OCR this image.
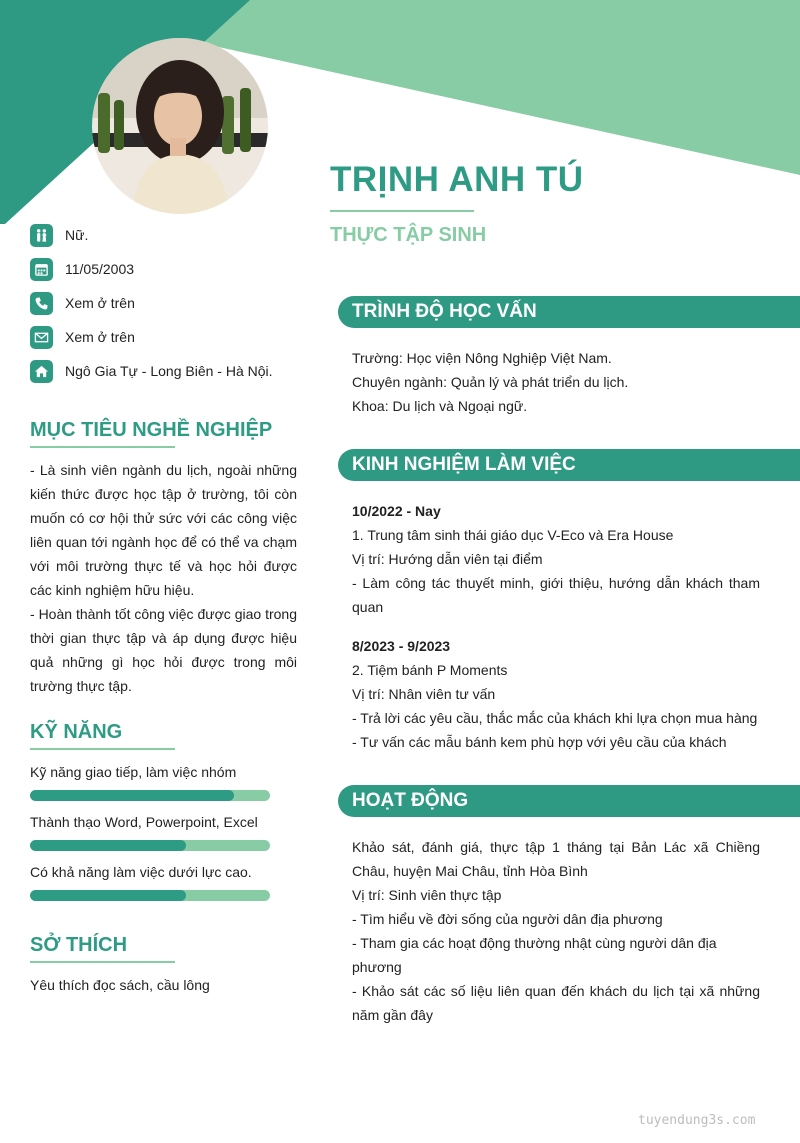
TRỊNH ANH TÚ
THỰC TẬP SINH
Nữ.
11/05/2003
Xem ở trên
Xem ở trên
Ngô Gia Tự - Long Biên - Hà Nội.
MỤC TIÊU NGHỀ NGHIỆP

- Là sinh viên ngành du lịch, ngoài những kiến thức được học tập ở trường, tôi còn muốn có cơ hội thử sức với các công việc liên quan tới ngành học để có thể va chạm với môi trường thực tế và học hỏi được các kinh nghiệm hữu hiệu.

- Hoàn thành tốt công việc được giao trong thời gian thực tập và áp dụng được hiệu quả những gì học hỏi được trong môi trường thực tập.

KỸ NĂNG
Kỹ năng giao tiếp, làm việc nhóm
Thành thạo Word, Powerpoint, Excel
Có khả năng làm việc dưới lực cao.
SỞ THÍCH
Yêu thích đọc sách, cầu lông
TRÌNH ĐỘ HỌC VẤN

Trường: Học viện Nông Nghiệp Việt Nam.

Chuyên ngành: Quản lý và phát triển du lịch.

Khoa: Du lịch và Ngoại ngữ.

KINH NGHIỆM LÀM VIỆC

10/2022 - Nay

1. Trung tâm sinh thái giáo dục V-Eco và Era House

Vị trí: Hướng dẫn viên tại điểm

- Làm công tác thuyết minh, giới thiệu, hướng dẫn khách tham quan

8/2023 - 9/2023

2. Tiệm bánh P Moments

Vị trí: Nhân viên tư vấn

- Trả lời các yêu cầu, thắc mắc của khách khi lựa chọn mua hàng

- Tư vấn các mẫu bánh kem phù hợp với yêu cầu của khách

HOẠT ĐỘNG

Khảo sát, đánh giá, thực tập 1 tháng tại Bản Lác xã Chiềng Châu, huyện Mai Châu, tỉnh Hòa Bình

Vị trí: Sinh viên thực tập

- Tìm hiểu về đời sống của người dân địa phương

- Tham gia các hoạt động thường nhật cùng người dân địa phương

- Khảo sát các số liệu liên quan đến khách du lịch tại xã những năm gần đây

tuyendung3s.com
